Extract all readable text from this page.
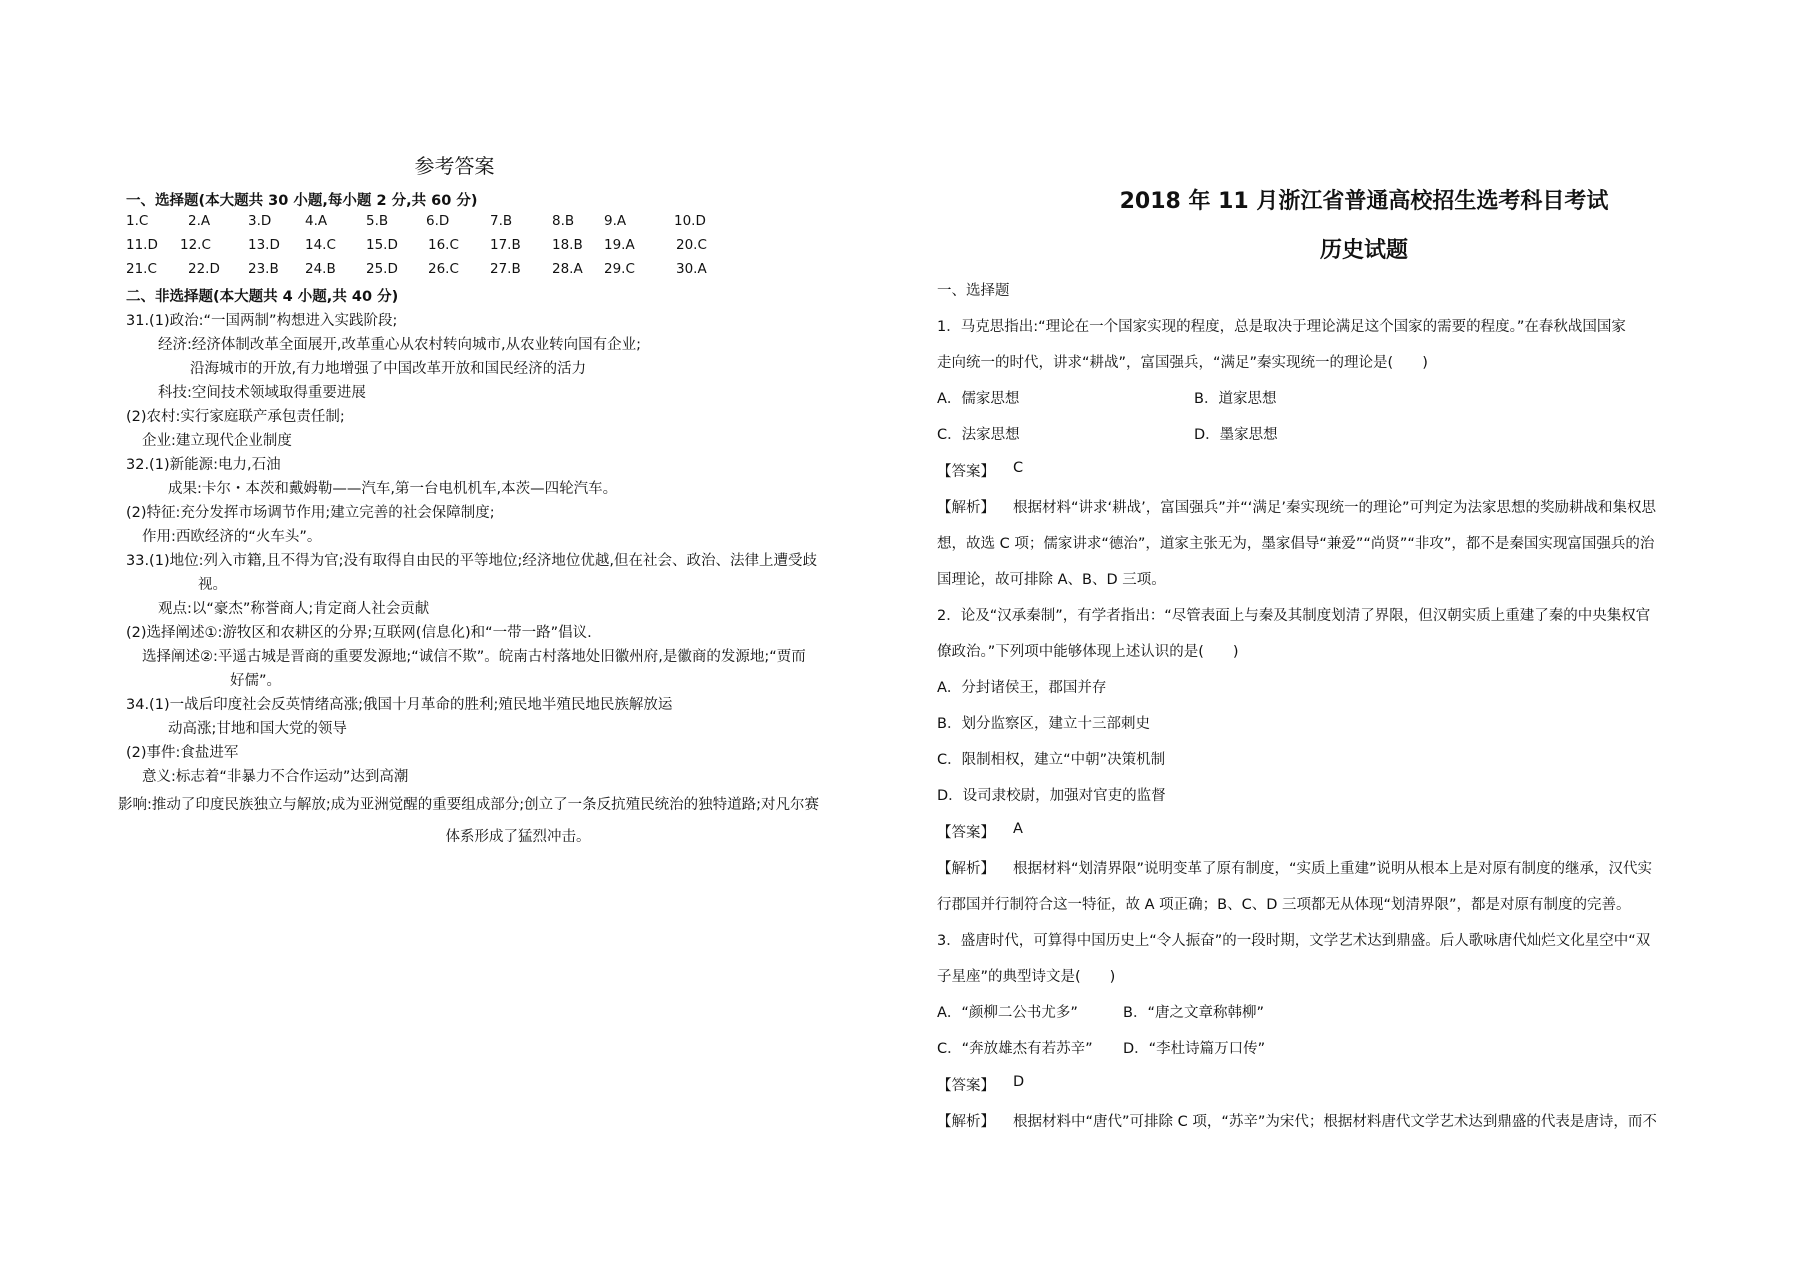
参考答案
一、选择题(本大题共 30 小题,每小题 2 分,共 60 分)
1.C	2.A	3.D 4.A	5.B	6.D	7.B	8.B 9.A	10.D
11.D 12.C	13.D 14.C 15.D 16.C 17.B 18.B 19.A	20.C
21.C 22.D 23.B 24.B 25.D 26.C 27.B 28.A 29.C	30.A
二、非选择题(本大题共 4 小题,共 40 分)
31.(1)政治:“一国两制”构想进入实践阶段;
经济:经济体制改革全面展开,改革重心从农村转向城市,从农业转向国有企业;
沿海城市的开放,有力地增强了中国改革开放和国民经济的活力
科技:空间技术领域取得重要进展
(2)农村:实行家庭联产承包责任制;
企业:建立现代企业制度
32.(1)新能源:电力,石油
成果:卡尔・本茨和戴姆勒——汽车,第一台电机机车,本茨—四轮汽车。
(2)特征:充分发挥市场调节作用;建立完善的社会保障制度;
作用:西欧经济的“火车头”。
33.(1)地位:列入市籍,且不得为官;没有取得自由民的平等地位;经济地位优越,但在社会、政治、法律上遭受歧
视。
观点:以“豪杰”称誉商人;肯定商人社会贡献
(2)选择阐述①:游牧区和农耕区的分界;互联网(信息化)和“一带一路”倡议.
选择阐述②:平遥古城是晋商的重要发源地;“诚信不欺”。皖南古村落地处旧徽州府,是徽商的发源地;“贾而
好儒”。
34.(1)一战后印度社会反英情绪高涨;俄国十月革命的胜利;殖民地半殖民地民族解放运
动高涨;甘地和国大党的领导
(2)事件:食盐进军
意义:标志着“非暴力不合作运动”达到高潮
影响:推动了印度民族独立与解放;成为亚洲觉醒的重要组成部分;创立了一条反抗殖民统治的独特道路;对凡尔赛
体系形成了猛烈冲击。
2018 年 11 月浙江省普通高校招生选考科目考试
历史试题
一、选择题
1．马克思指出:“理论在一个国家实现的程度，总是取决于理论满足这个国家的需要的程度。”在春秋战国国家
走向统一的时代，讲求“耕战”，富国强兵，“满足”秦实现统一的理论是(　　)
A．儒家思想	B．道家思想
C．法家思想	D．墨家思想
【答案】 C
【解析】 根据材料“讲求‘耕战’，富国强兵”并“‘满足’秦实现统一的理论”可判定为法家思想的奖励耕战和集权思
想，故选 C 项；儒家讲求“德治”，道家主张无为，墨家倡导“兼爱”“尚贤”“非攻”，都不是秦国实现富国强兵的治
国理论，故可排除 A、B、D 三项。
2．论及“汉承秦制”，有学者指出：“尽管表面上与秦及其制度划清了界限，但汉朝实质上重建了秦的中央集权官
僚政治。”下列项中能够体现上述认识的是(　　)
A．分封诸侯王，郡国并存
B．划分监察区，建立十三部刺史
C．限制相权，建立“中朝”决策机制
D．设司隶校尉，加强对官吏的监督
【答案】 A
【解析】 根据材料“划清界限”说明变革了原有制度，“实质上重建”说明从根本上是对原有制度的继承，汉代实
行郡国并行制符合这一特征，故 A 项正确；B、C、D 三项都无从体现“划清界限”，都是对原有制度的完善。
3．盛唐时代，可算得中国历史上“令人振奋”的一段时期，文学艺术达到鼎盛。后人歌咏唐代灿烂文化星空中“双
子星座”的典型诗文是(　　)
A．“颜柳二公书尤多”	B．“唐之文章称韩柳”
C．“奔放雄杰有若苏辛” D．“李杜诗篇万口传”
【答案】 D
【解析】 根据材料中“唐代”可排除 C 项，“苏辛”为宋代；根据材料唐代文学艺术达到鼎盛的代表是唐诗，而不
